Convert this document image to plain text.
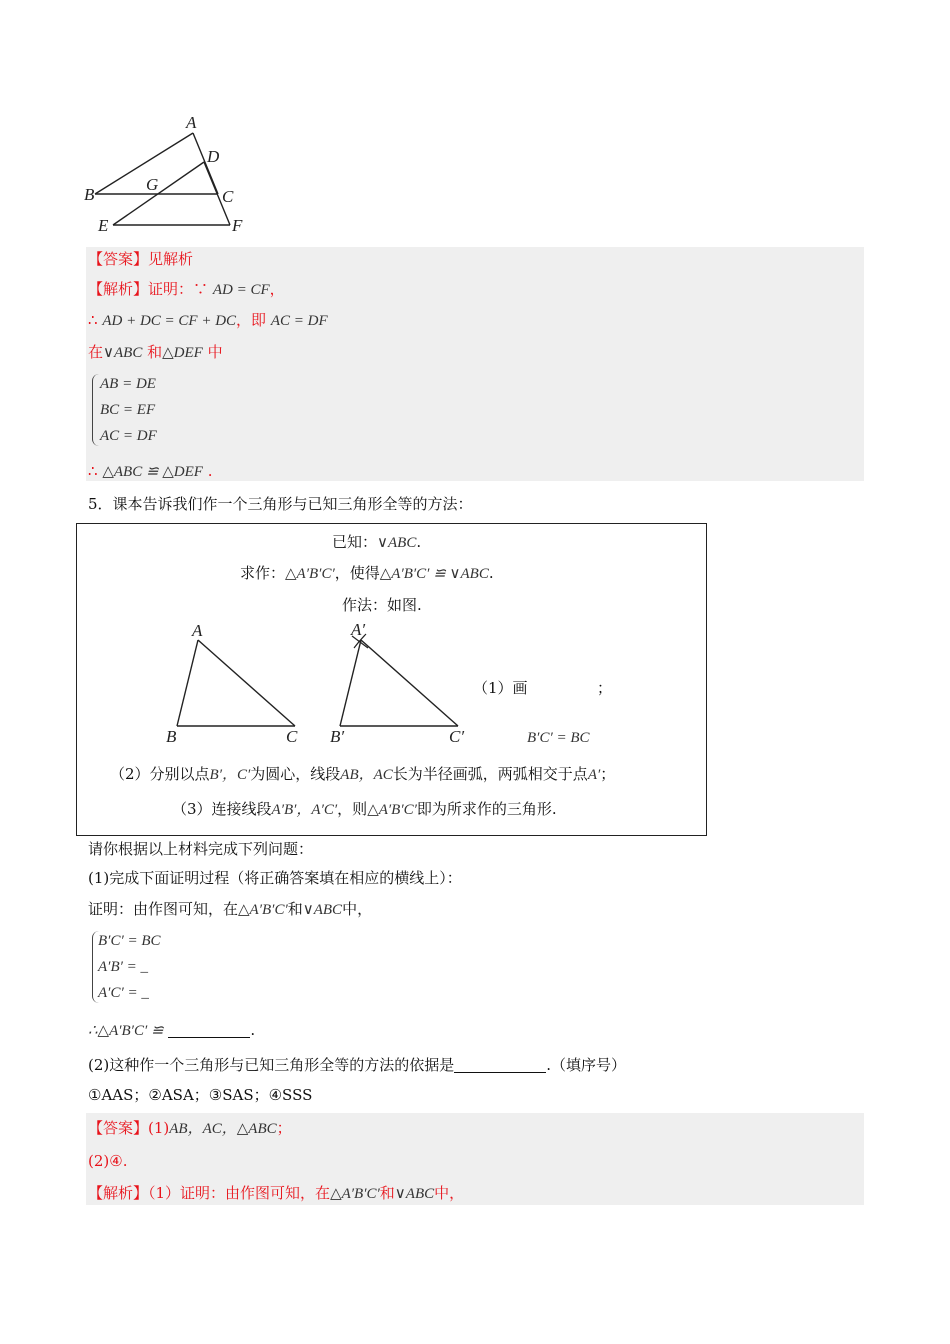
A
D
B
G
C
E	F
【答案】见解析
【解析】证明：∵ AD = CF，
∴ AD + DC = CF + DC，即 AC = DF
在∨ABC 和△DEF 中
AB = DE
BC = EF
AC = DF
∴ △ABC ≌ △DEF .
5．课本告诉我们作一个三角形与已知三角形全等的方法：
已知：∨ABC.
求作：△A′B′C′，使得△A′B′C′ ≌ ∨ABC.
作法：如图.
A
B	C
A′
B′	C′
（1）画	；
B′C′ = BC
（2）分别以点B′，C′为圆心，线段AB，AC长为半径画弧，两弧相交于点A′；
（3）连接线段A′B′，A′C′，则△A′B′C′即为所求作的三角形.
请你根据以上材料完成下列问题：
(1)完成下面证明过程（将正确答案填在相应的横线上）：
证明：由作图可知，在△A′B′C′和∨ABC中，
B′C′ = BC
A′B′ = _
A′C′ = _
∴△A′B′C′ ≌	.
(2)这种作一个三角形与已知三角形全等的方法的依据是	.（填序号）
①AAS；②ASA；③SAS；④SSS
【答案】(1)AB，AC，△ABC；
(2)④.
【解析】（1）证明：由作图可知，在△A′B′C′和∨ABC中，
